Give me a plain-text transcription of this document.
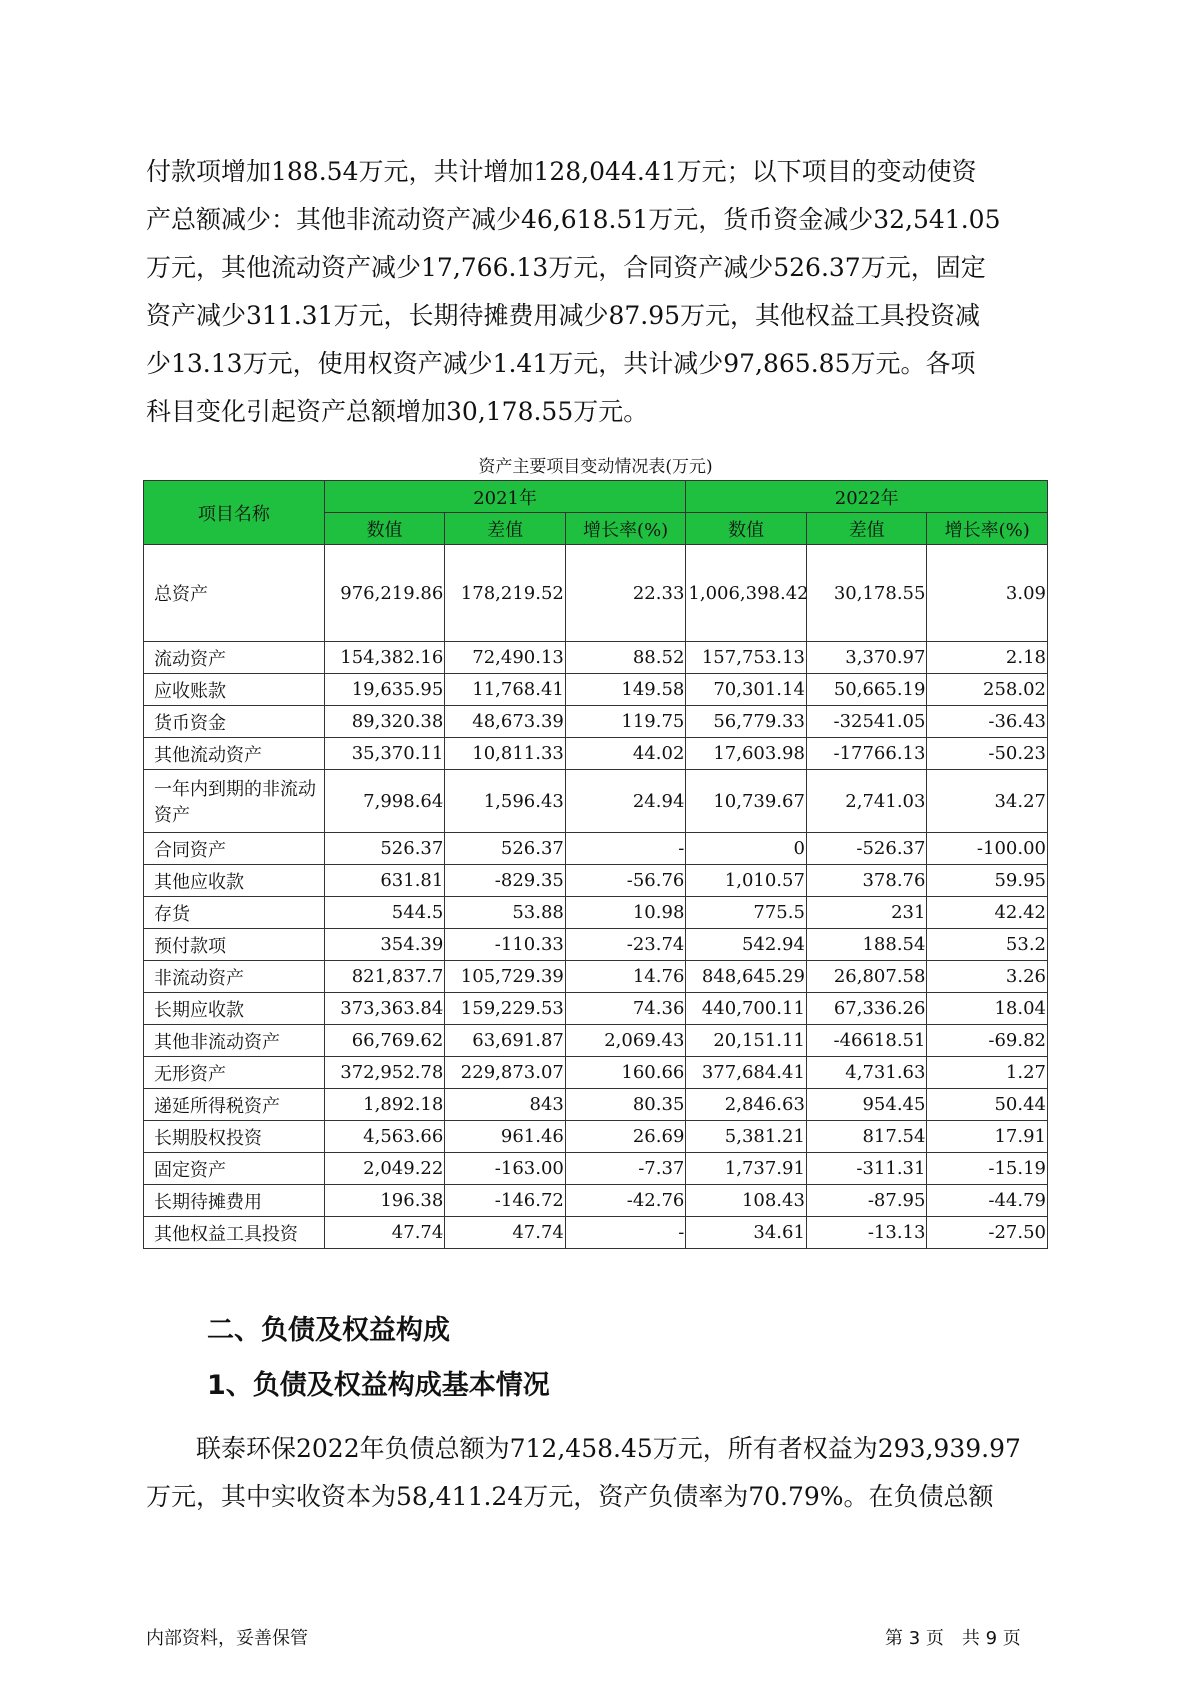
付款项增加188.54万元，共计增加128,044.41万元；以下项目的变动使资
产总额减少：其他非流动资产减少46,618.51万元，货币资金减少32,541.05
万元，其他流动资产减少17,766.13万元，合同资产减少526.37万元，固定
资产减少311.31万元，长期待摊费用减少87.95万元，其他权益工具投资减
少13.13万元，使用权资产减少1.41万元，共计减少97,865.85万元。各项
科目变化引起资产总额增加30,178.55万元。
资产主要项目变动情况表(万元)
项目名称	2021年			2022年		
	数值	差值	增长率(%)	数值	差值	增长率(%)
总资产	976,219.86	178,219.52	22.33	1,006,398.42	30,178.55	3.09
流动资产	154,382.16	72,490.13	88.52	157,753.13	3,370.97	2.18
应收账款	19,635.95	11,768.41	149.58	70,301.14	50,665.19	258.02
货币资金	89,320.38	48,673.39	119.75	56,779.33	-32541.05	-36.43
其他流动资产	35,370.11	10,811.33	44.02	17,603.98	-17766.13	-50.23
一年内到期的非流动资产	7,998.64	1,596.43	24.94	10,739.67	2,741.03	34.27
合同资产	526.37	526.37	-	0	-526.37	-100.00
其他应收款	631.81	-829.35	-56.76	1,010.57	378.76	59.95
存货	544.5	53.88	10.98	775.5	231	42.42
预付款项	354.39	-110.33	-23.74	542.94	188.54	53.2
非流动资产	821,837.7	105,729.39	14.76	848,645.29	26,807.58	3.26
长期应收款	373,363.84	159,229.53	74.36	440,700.11	67,336.26	18.04
其他非流动资产	66,769.62	63,691.87	2,069.43	20,151.11	-46618.51	-69.82
无形资产	372,952.78	229,873.07	160.66	377,684.41	4,731.63	1.27
递延所得税资产	1,892.18	843	80.35	2,846.63	954.45	50.44
长期股权投资	4,563.66	961.46	26.69	5,381.21	817.54	17.91
固定资产	2,049.22	-163.00	-7.37	1,737.91	-311.31	-15.19
长期待摊费用	196.38	-146.72	-42.76	108.43	-87.95	-44.79
其他权益工具投资	47.74	47.74	-	34.61	-13.13	-27.50
二、负债及权益构成
1、负债及权益构成基本情况
　　联泰环保2022年负债总额为712,458.45万元，所有者权益为293,939.97
万元，其中实收资本为58,411.24万元，资产负债率为70.79%。在负债总额
内部资料，妥善保管	第 3 页　共 9 页
